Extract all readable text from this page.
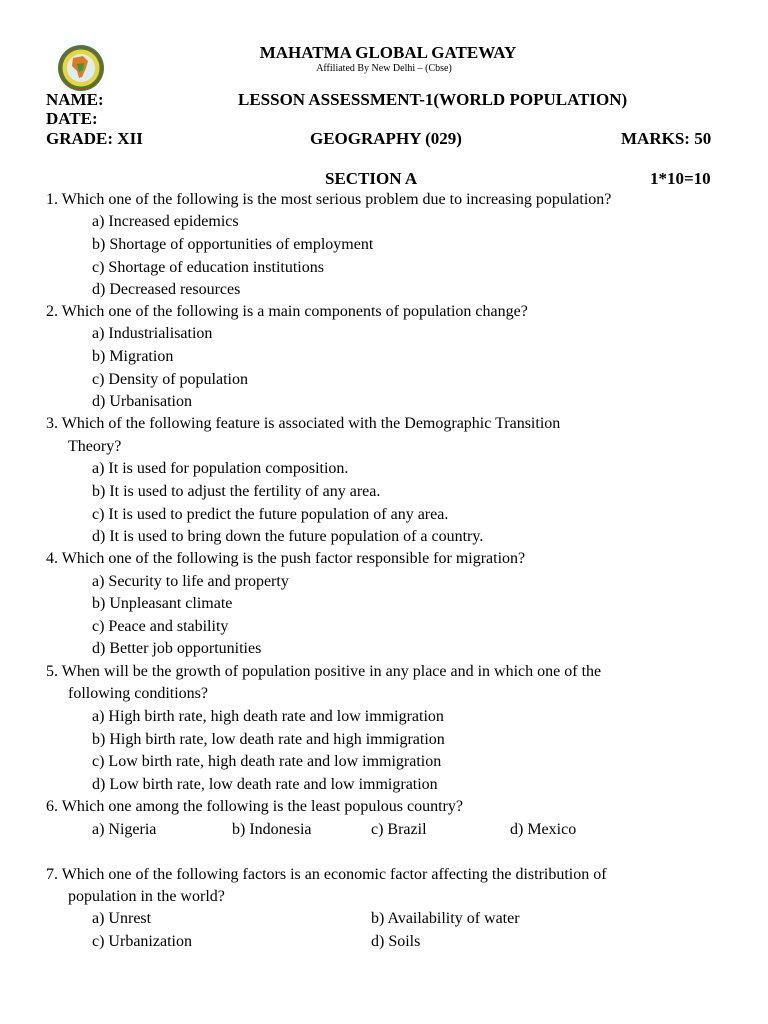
MAHATMA GLOBAL GATEWAY
Affiliated By New Delhi – (Cbse)
NAME:	LESSON ASSESSMENT-1(WORLD POPULATION)
DATE:
GRADE: XII	GEOGRAPHY (029)	MARKS: 50
SECTION A	1*10=10
1. Which one of the following is the most serious problem due to increasing population?
a) Increased epidemics
b) Shortage of opportunities of employment
c) Shortage of education institutions
d) Decreased resources
2. Which one of the following is a main components of population change?
a) Industrialisation
b) Migration
c) Density of population
d) Urbanisation
3. Which of the following feature is associated with the Demographic Transition
Theory?
a) It is used for population composition.
b) It is used to adjust the fertility of any area.
c) It is used to predict the future population of any area.
d) It is used to bring down the future population of a country.
4. Which one of the following is the push factor responsible for migration?
a) Security to life and property
b) Unpleasant climate
c) Peace and stability
d) Better job opportunities
5. When will be the growth of population positive in any place and in which one of the
following conditions?
a) High birth rate, high death rate and low immigration
b) High birth rate, low death rate and high immigration
c) Low birth rate, high death rate and low immigration
d) Low birth rate, low death rate and low immigration
6. Which one among the following is the least populous country?
a) Nigeria	b) Indonesia	c) Brazil	d) Mexico
7. Which one of the following factors is an economic factor affecting the distribution of
population in the world?
a) Unrest	b) Availability of water
c) Urbanization	d) Soils
